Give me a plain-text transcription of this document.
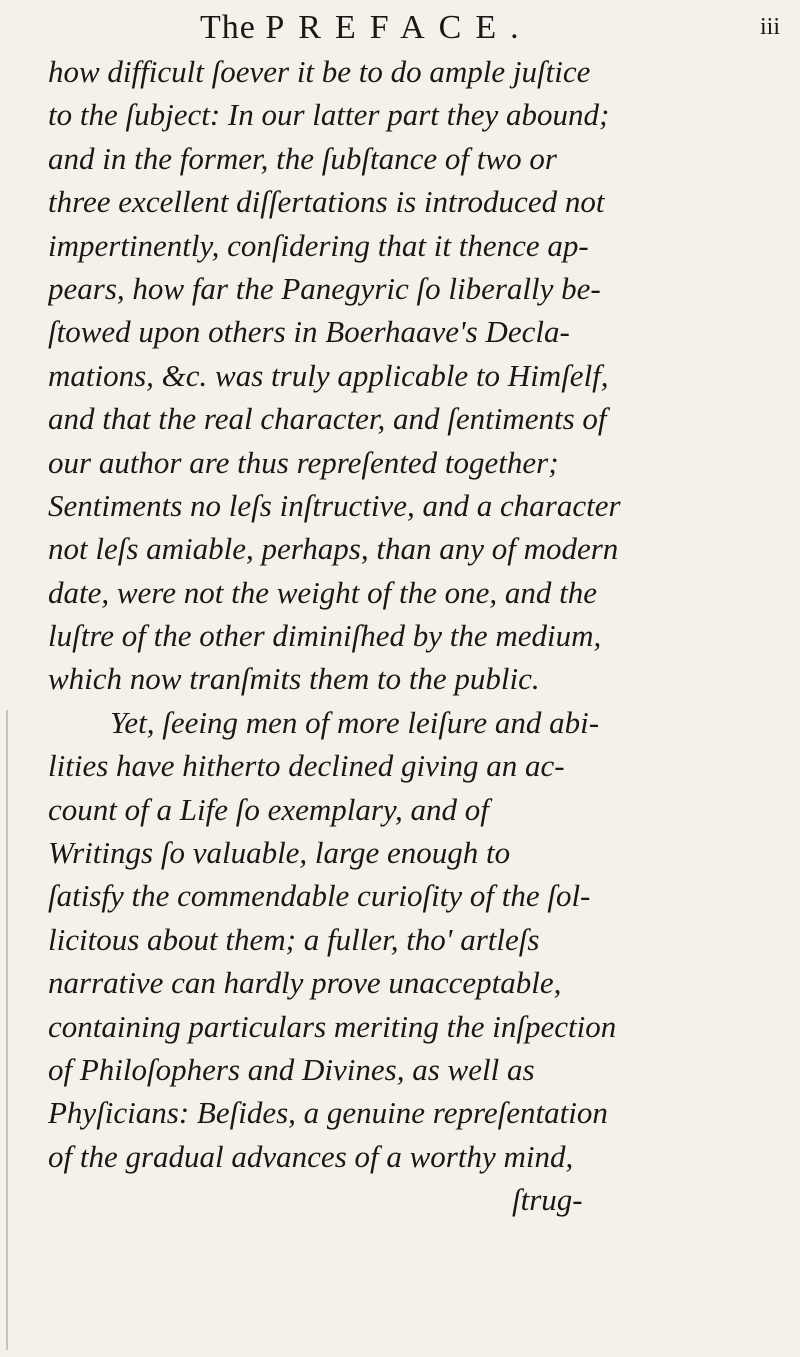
The PREFACE.	iii
how difficult ſoever it be to do ample juſtice
to the ſubject: In our latter part they abound;
and in the former, the ſubſtance of two or
three excellent diſſertations is introduced not
impertinently, conſidering that it thence ap-
pears, how far the Panegyric ſo liberally be-
ſtowed upon others in Boerhaave's Decla-
mations, &c. was truly applicable to Himſelf,
and that the real character, and ſentiments of
our author are thus repreſented together;
Sentiments no leſs inſtructive, and a character
not leſs amiable, perhaps, than any of modern
date, were not the weight of the one, and the
luſtre of the other diminiſhed by the medium,
which now tranſmits them to the public.
Yet, ſeeing men of more leiſure and abi-
lities have hitherto declined giving an ac-
count of a Life ſo exemplary, and of
Writings ſo valuable, large enough to
ſatisfy the commendable curioſity of the ſol-
licitous about them; a fuller, tho' artleſs
narrative can hardly prove unacceptable,
containing particulars meriting the inſpection
of Philoſophers and Divines, as well as
Phyſicians: Beſides, a genuine repreſentation
of the gradual advances of a worthy mind,
ſtrug-
